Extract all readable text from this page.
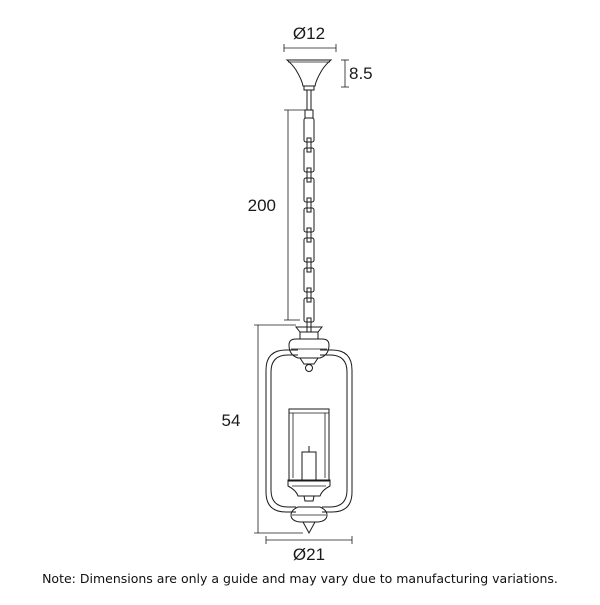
Ø12
8.5
200
54
Ø21
Note: Dimensions are only a guide and may vary due to manufacturing variations.
